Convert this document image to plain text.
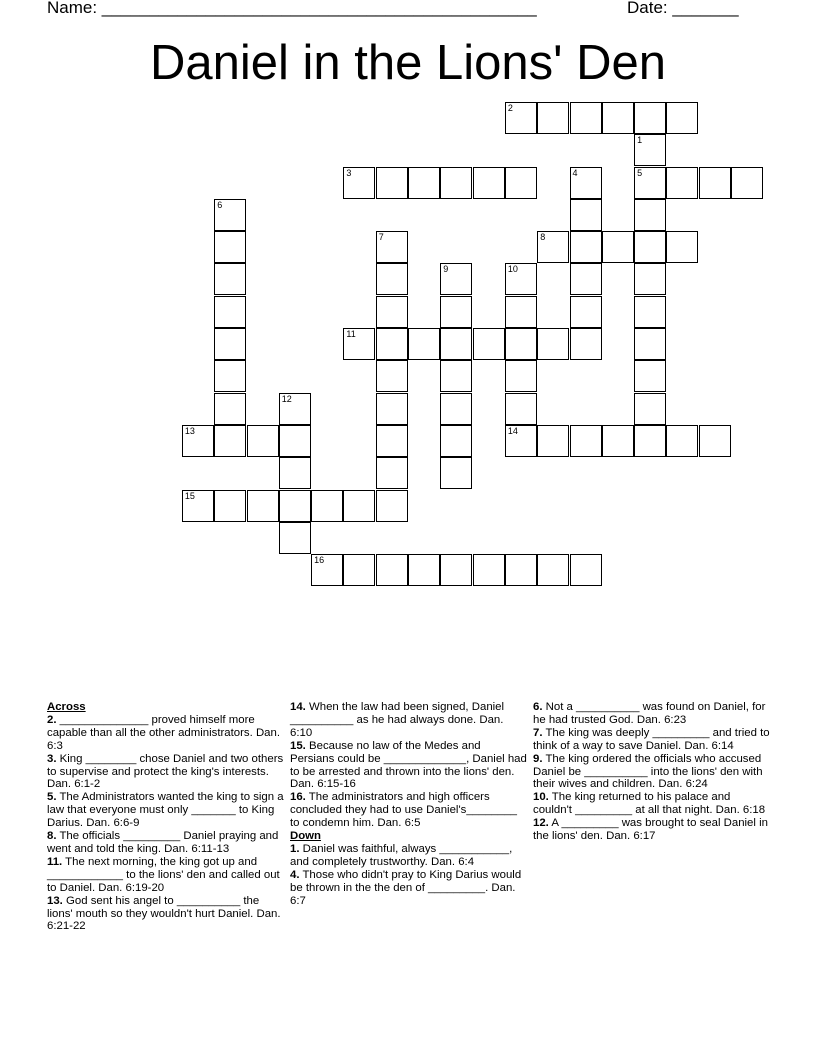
Name: ______________________________________________	Date: _______
Daniel in the Lions' Den
1
2
3	4	5
6
7	8
9	10
11
12
13	14
15
16
Across

2. ______________ proved himself more capable than all the other administrators. Dan. 6:3

3. King ________ chose Daniel and two others to supervise and protect the king's interests. Dan. 6:1-2

5. The Administrators wanted the king to sign a law that everyone must only _______ to King Darius. Dan. 6:6-9

8. The officials _________ Daniel praying and went and told the king. Dan. 6:11-13

11. The next morning, the king got up and ____________ to the lions' den and called out to Daniel. Dan. 6:19-20

13. God sent his angel to __________ the lions' mouth so they wouldn't hurt Daniel. Dan. 6:21-22

14. When the law had been signed, Daniel __________ as he had always done. Dan. 6:10

15. Because no law of the Medes and Persians could be _____________, Daniel had to be arrested and thrown into the lions' den. Dan. 6:15-16

16. The administrators and high officers concluded they had to use Daniel's________ to condemn him. Dan. 6:5

Down

1. Daniel was faithful, always ___________, and completely trustworthy. Dan. 6:4

4. Those who didn't pray to King Darius would be thrown in the the den of _________. Dan. 6:7

6. Not a __________ was found on Daniel, for he had trusted God. Dan. 6:23

7. The king was deeply _________ and tried to think of a way to save Daniel. Dan. 6:14

9. The king ordered the officials who accused Daniel be __________ into the lions' den with their wives and children. Dan. 6:24

10. The king returned to his palace and couldn't _________ at all that night. Dan. 6:18

12. A _________ was brought to seal Daniel in the lions' den. Dan. 6:17
